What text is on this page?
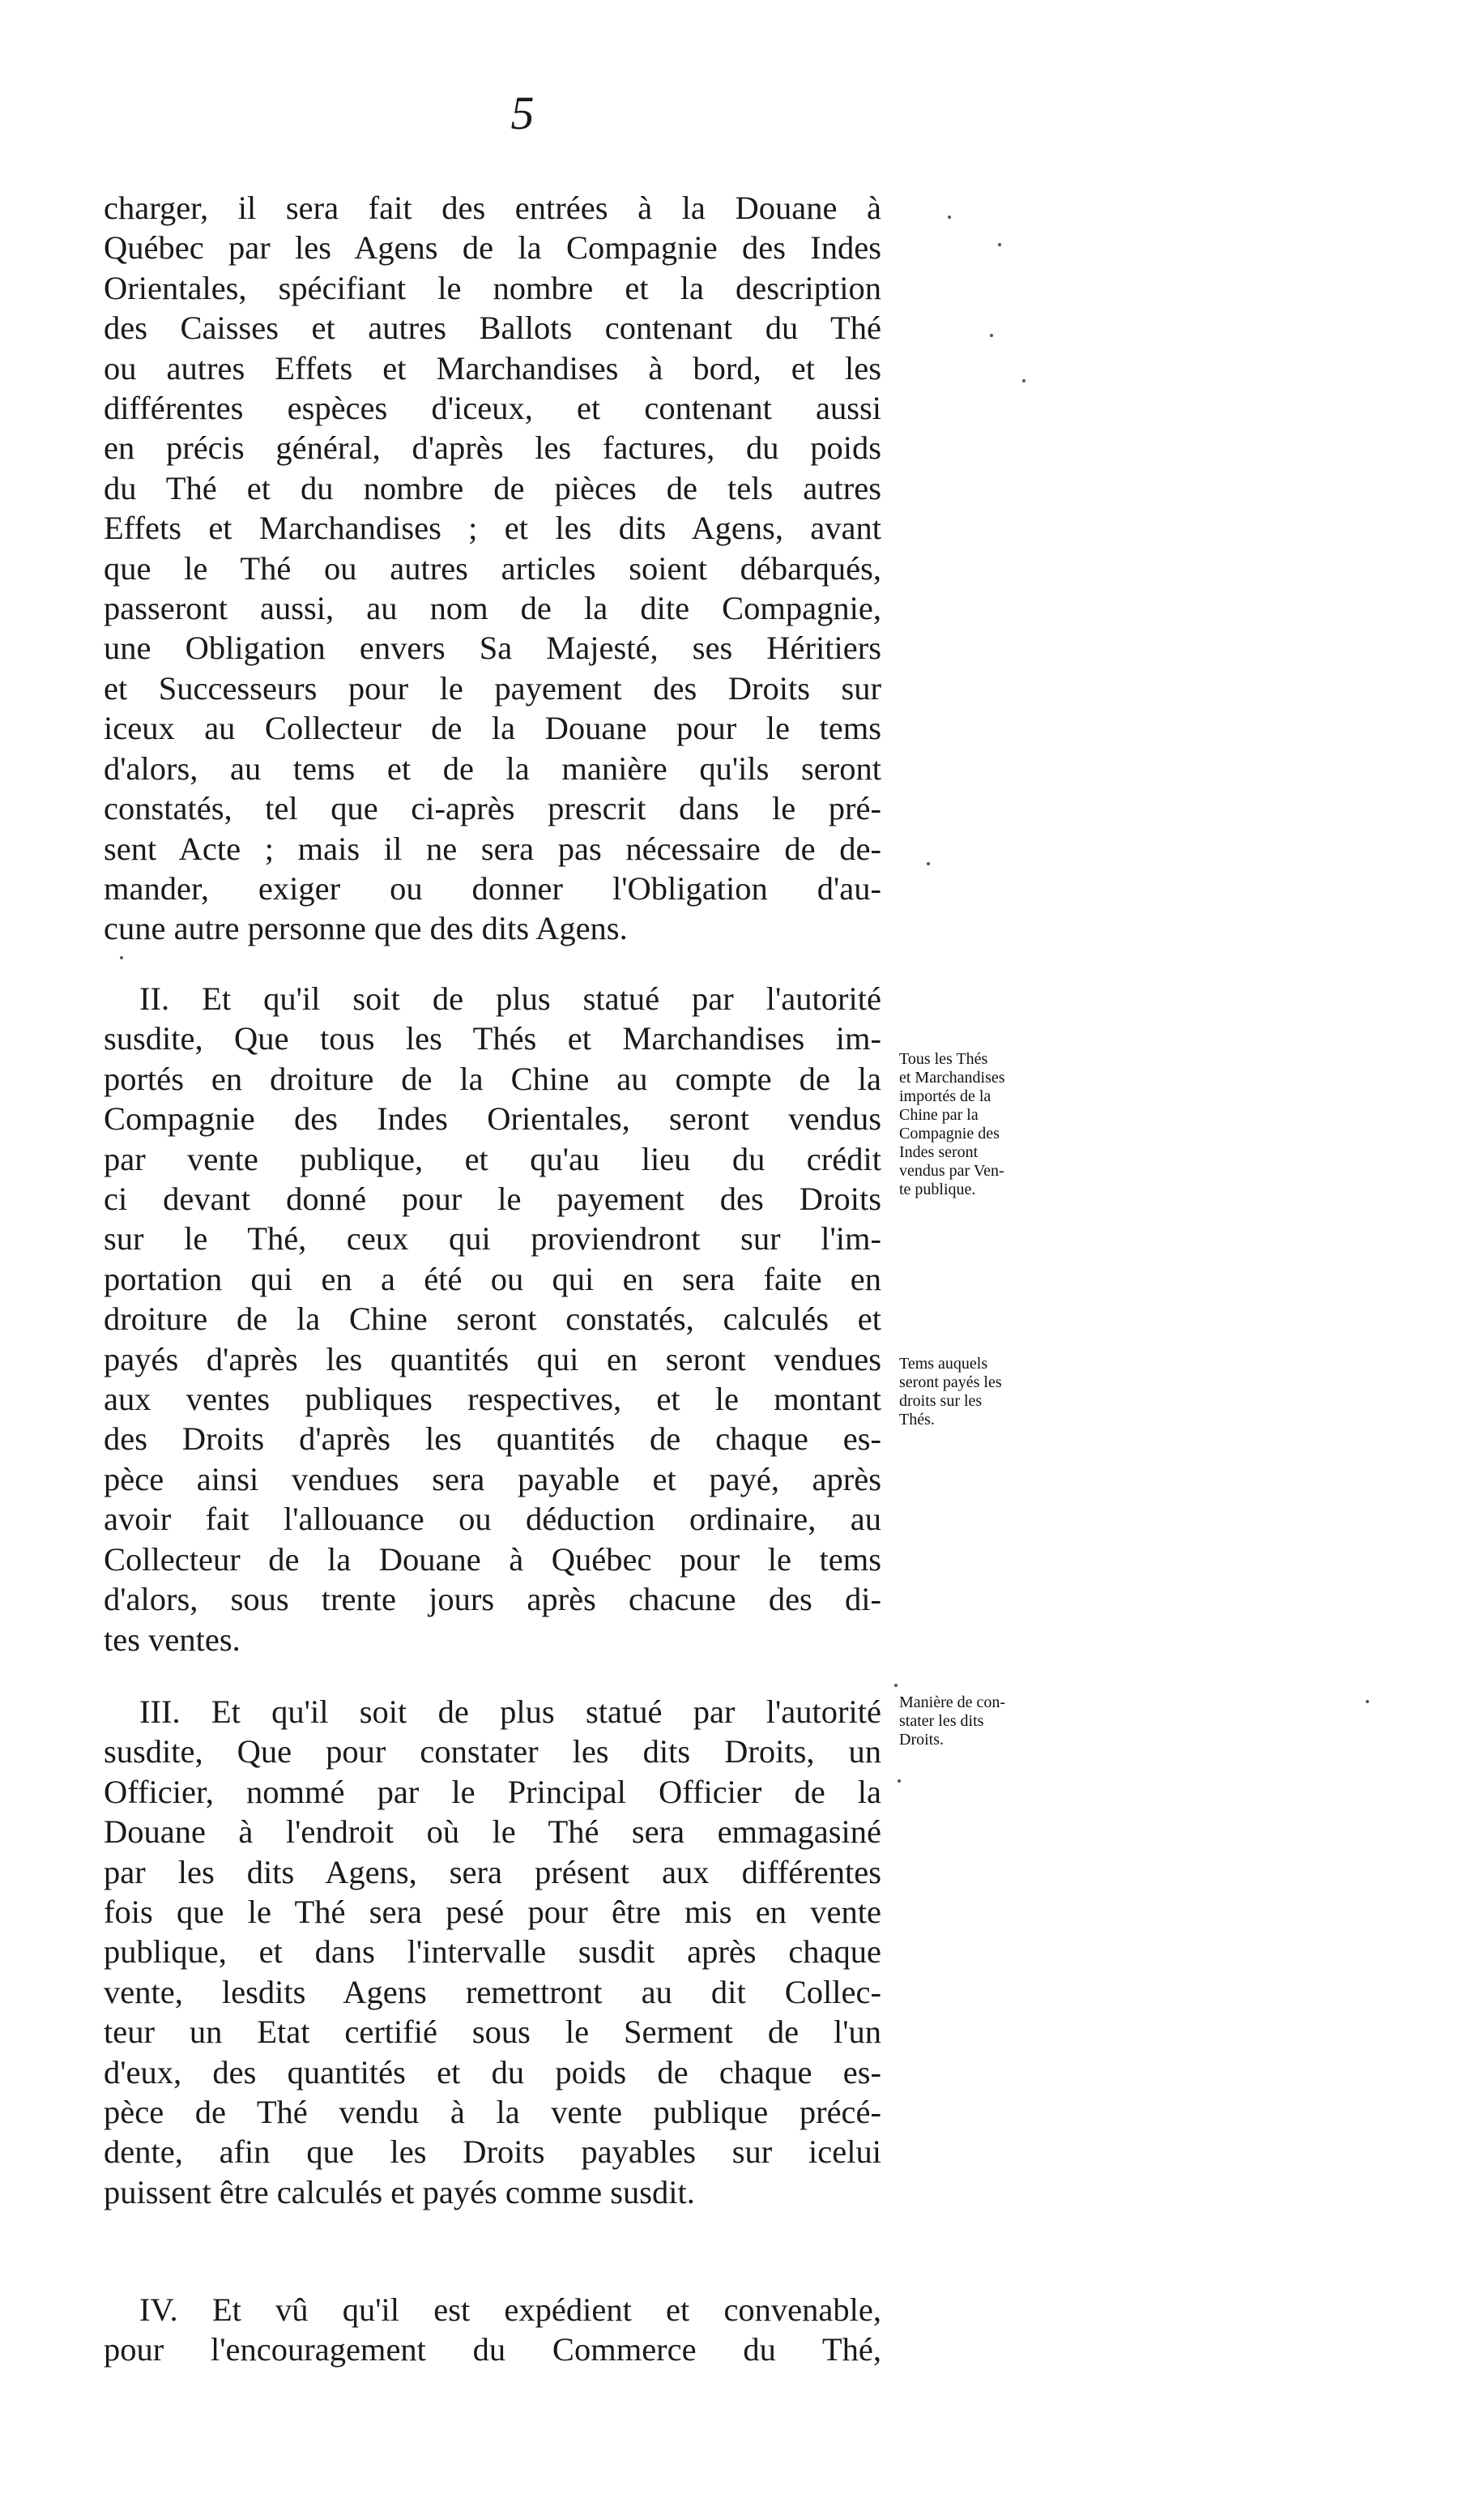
5
charger, il sera fait des entrées à la Douane à
Québec par les Agens de la Compagnie des Indes
Orientales, spécifiant le nombre et la description
des Caisses et autres Ballots contenant du Thé
ou autres Effets et Marchandises à bord, et les
différentes espèces d'iceux, et contenant aussi
en précis général, d'après les factures, du poids
du Thé et du nombre de pièces de tels autres
Effets et Marchandises ; et les dits Agens, avant
que le Thé ou autres articles soient débarqués,
passeront aussi, au nom de la dite Compagnie,
une Obligation envers Sa Majesté, ses Héritiers
et Successeurs pour le payement des Droits sur
iceux au Collecteur de la Douane pour le tems
d'alors, au tems et de la manière qu'ils seront
constatés, tel que ci-après prescrit dans le pré-
sent Acte ; mais il ne sera pas nécessaire de de-
mander, exiger ou donner l'Obligation d'au-
cune autre personne que des dits Agens.
II. Et qu'il soit de plus statué par l'autorité
susdite, Que tous les Thés et Marchandises im-
portés en droiture de la Chine au compte de la
Compagnie des Indes Orientales, seront vendus
par vente publique, et qu'au lieu du crédit
ci devant donné pour le payement des Droits
sur le Thé, ceux qui proviendront sur l'im-
portation qui en a été ou qui en sera faite en
droiture de la Chine seront constatés, calculés et
payés d'après les quantités qui en seront vendues
aux ventes publiques respectives, et le montant
des Droits d'après les quantités de chaque es-
pèce ainsi vendues sera payable et payé, après
avoir fait l'allouance ou déduction ordinaire, au
Collecteur de la Douane à Québec pour le tems
d'alors, sous trente jours après chacune des di-
tes ventes.
III. Et qu'il soit de plus statué par l'autorité
susdite, Que pour constater les dits Droits, un
Officier, nommé par le Principal Officier de la
Douane à l'endroit où le Thé sera emmagasiné
par les dits Agens, sera présent aux différentes
fois que le Thé sera pesé pour être mis en vente
publique, et dans l'intervalle susdit après chaque
vente, lesdits Agens remettront au dit Collec-
teur un Etat certifié sous le Serment de l'un
d'eux, des quantités et du poids de chaque es-
pèce de Thé vendu à la vente publique précé-
dente, afin que les Droits payables sur icelui
puissent être calculés et payés comme susdit.
IV. Et vû qu'il est expédient et convenable,
pour l'encouragement du Commerce du Thé,
Tous les Thés
et Marchandises
importés de la
Chine par la
Compagnie des
Indes seront
vendus par Ven-
te publique.
Tems auquels
seront payés les
droits sur les
Thés.
Manière de con-
stater les dits
Droits.
